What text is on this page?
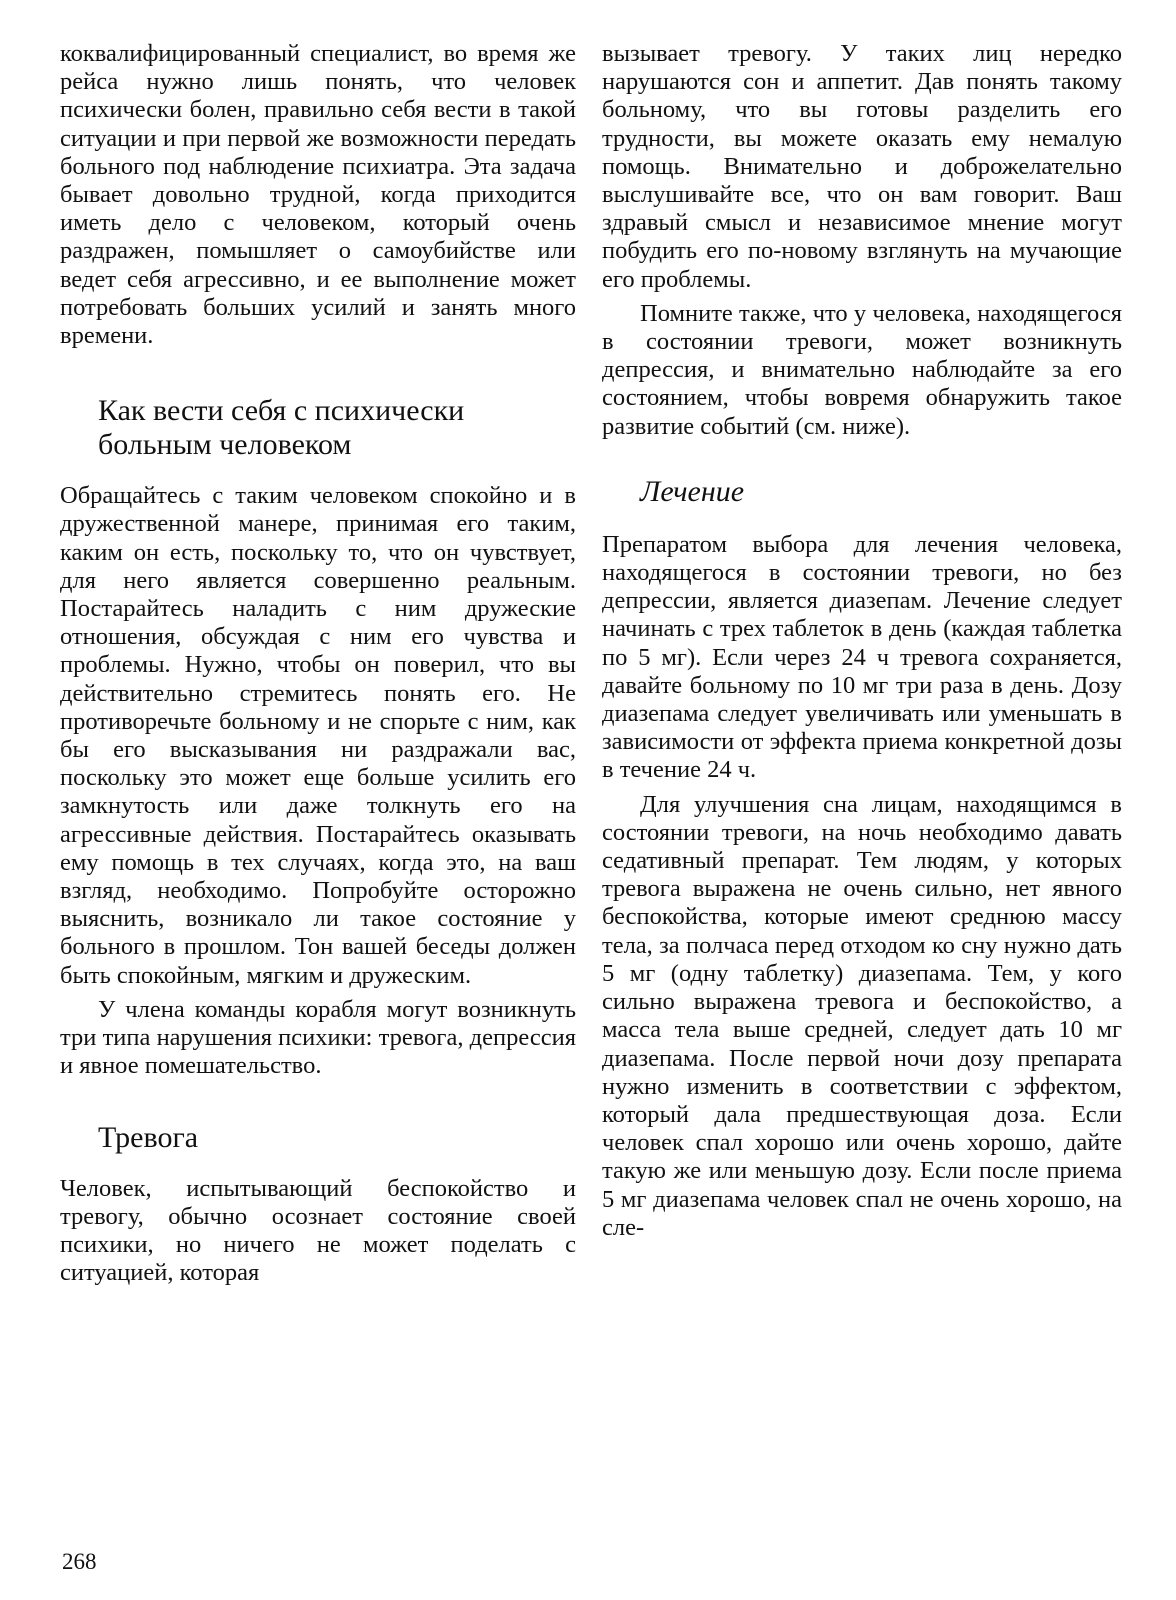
коквалифицированный специалист, во время же рейса нужно лишь понять, что человек психически болен, правильно себя вести в такой ситуации и при первой же возможности передать больного под наблюдение психиатра. Эта задача бывает довольно трудной, когда приходится иметь дело с человеком, который очень раздражен, помышляет о самоубийстве или ведет себя агрессивно, и ее выполнение может потребовать больших усилий и занять много времени.

Как вести себя с психически больным человеком

Обращайтесь с таким человеком спокойно и в дружественной манере, принимая его таким, каким он есть, поскольку то, что он чувствует, для него является совершенно реальным. Постарайтесь наладить с ним дружеские отношения, обсуждая с ним его чувства и проблемы. Нужно, чтобы он поверил, что вы действительно стремитесь понять его. Не противоречьте больному и не спорьте с ним, как бы его высказывания ни раздражали вас, поскольку это может еще больше усилить его замкнутость или даже толкнуть его на агрессивные действия. Постарайтесь оказывать ему помощь в тех случаях, когда это, на ваш взгляд, необходимо. Попробуйте осторожно выяснить, возникало ли такое состояние у больного в прошлом. Тон вашей беседы должен быть спокойным, мягким и дружеским.

У члена команды корабля могут возникнуть три типа нарушения психики: тревога, депрессия и явное помешательство.

Тревога

Человек, испытывающий беспокойство и тревогу, обычно осознает состояние своей психики, но ничего не может поделать с ситуацией, которая

вызывает тревогу. У таких лиц нередко нарушаются сон и аппетит. Дав понять такому больному, что вы готовы разделить его трудности, вы можете оказать ему немалую помощь. Внимательно и доброжелательно выслушивайте все, что он вам говорит. Ваш здравый смысл и независимое мнение могут побудить его по-новому взглянуть на мучающие его проблемы.

Помните также, что у человека, находящегося в состоянии тревоги, может возникнуть депрессия, и внимательно наблюдайте за его состоянием, чтобы вовремя обнаружить такое развитие событий (см. ниже).

Лечение

Препаратом выбора для лечения человека, находящегося в состоянии тревоги, но без депрессии, является диазепам. Лечение следует начинать с трех таблеток в день (каждая таблетка по 5 мг). Если через 24 ч тревога сохраняется, давайте больному по 10 мг три раза в день. Дозу диазепама следует увеличивать или уменьшать в зависимости от эффекта приема конкретной дозы в течение 24 ч.

Для улучшения сна лицам, находящимся в состоянии тревоги, на ночь необходимо давать седативный препарат. Тем людям, у которых тревога выражена не очень сильно, нет явного беспокойства, которые имеют среднюю массу тела, за полчаса перед отходом ко сну нужно дать 5 мг (одну таблетку) диазепама. Тем, у кого сильно выражена тревога и беспокойство, а масса тела выше средней, следует дать 10 мг диазепама. После первой ночи дозу препарата нужно изменить в соответствии с эффектом, который дала предшествующая доза. Если человек спал хорошо или очень хорошо, дайте такую же или меньшую дозу. Если после приема 5 мг диазепама человек спал не очень хорошо, на сле-

268
